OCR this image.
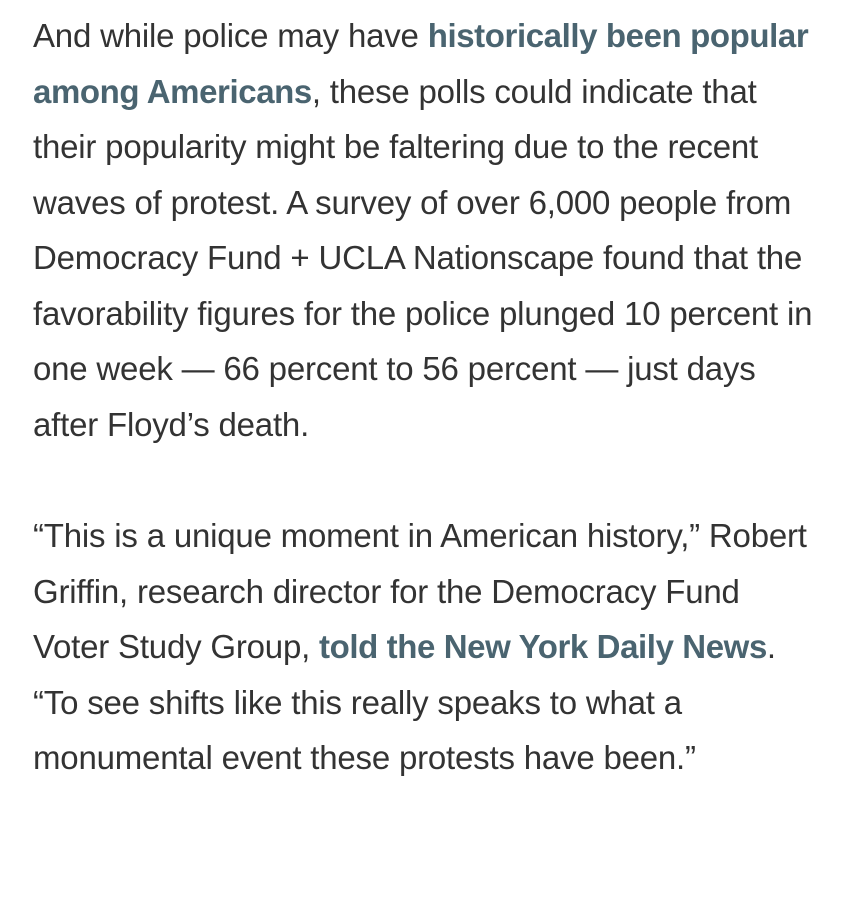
And while police may have historically been popular among Americans, these polls could indicate that their popularity might be faltering due to the recent waves of protest. A survey of over 6,000 people from Democracy Fund + UCLA Nationscape found that the favorability figures for the police plunged 10 percent in one week — 66 percent to 56 percent — just days after Floyd’s death.

“This is a unique moment in American history,” Robert Griffin, research director for the Democracy Fund Voter Study Group, told the New York Daily News. “To see shifts like this really speaks to what a monumental event these protests have been.”
